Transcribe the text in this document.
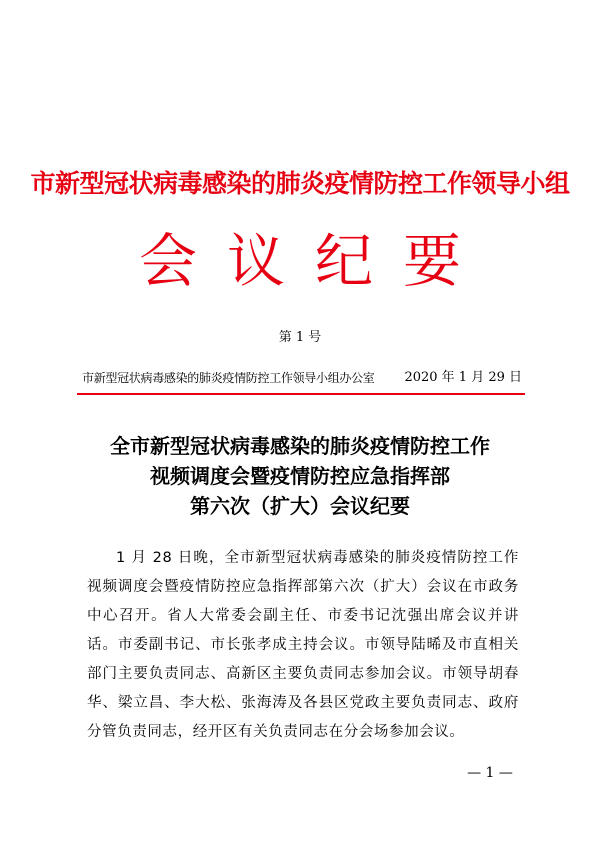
市新型冠状病毒感染的肺炎疫情防控工作领导小组
会议纪要
第 1 号
市新型冠状病毒感染的肺炎疫情防控工作领导小组办公室 2020 年 1 月 29 日
全市新型冠状病毒感染的肺炎疫情防控工作
视频调度会暨疫情防控应急指挥部
第六次（扩大）会议纪要
1 月 28 日晚，全市新型冠状病毒感染的肺炎疫情防控工作视频调度会暨疫情防控应急指挥部第六次（扩大）会议在市政务中心召开。省人大常委会副主任、市委书记沈强出席会议并讲话。市委副书记、市长张孝成主持会议。市领导陆晞及市直相关部门主要负责同志、高新区主要负责同志参加会议。市领导胡春华、梁立昌、李大松、张海涛及各县区党政主要负责同志、政府分管负责同志，经开区有关负责同志在分会场参加会议。
— 1 —
